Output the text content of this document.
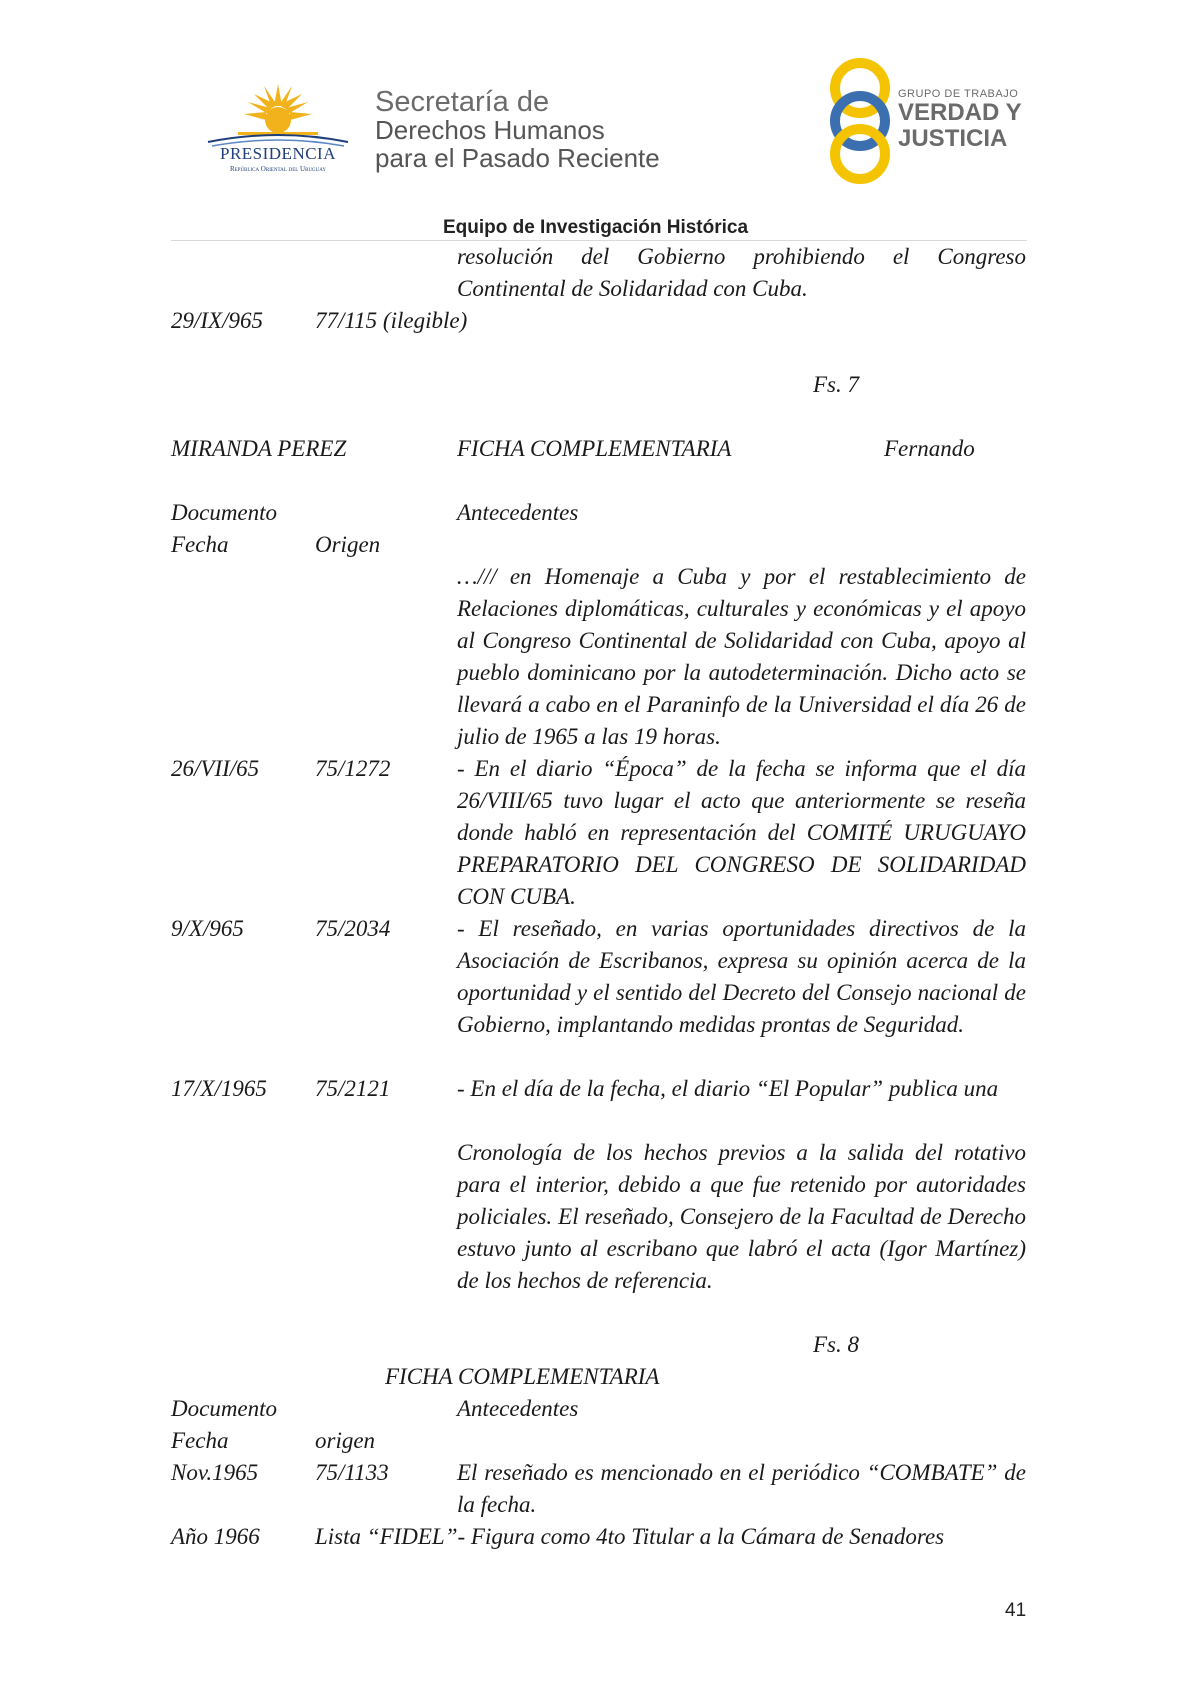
PRESIDENCIA
República Oriental del Uruguay
Secretaría de
Derechos Humanos
para el Pasado Reciente
GRUPO DE TRABAJO
VERDAD Y
JUSTICIA
Equipo de Investigación Histórica
resolución del Gobierno prohibiendo el Congreso
Continental de Solidaridad con Cuba.
29/IX/965 77/115 (ilegible)
Fs. 7
MIRANDA PEREZ	FICHA COMPLEMENTARIA	Fernando
Documento	Antecedentes
Fecha	Origen
…/// en Homenaje a Cuba y por el restablecimiento de Relaciones diplomáticas, culturales y económicas y el apoyo al Congreso Continental de Solidaridad con Cuba, apoyo al pueblo dominicano por la autodeterminación. Dicho acto se llevará a cabo en el Paraninfo de la Universidad el día 26 de julio de 1965 a las 19 horas.
26/VII/65 75/1272	- En el diario “Época” de la fecha se informa que el día 26/VIII/65 tuvo lugar el acto que anteriormente se reseña donde habló en representación del COMITÉ URUGUAYO PREPARATORIO DEL CONGRESO DE SOLIDARIDAD CON CUBA.
9/X/965	75/2034	- El reseñado, en varias oportunidades directivos de la Asociación de Escribanos, expresa su opinión acerca de la oportunidad y el sentido del Decreto del Consejo nacional de Gobierno, implantando medidas prontas de Seguridad.
17/X/1965 75/2121	- En el día de la fecha, el diario “El Popular” publica una
Cronología de los hechos previos a la salida del rotativo para el interior, debido a que fue retenido por autoridades policiales. El reseñado, Consejero de la Facultad de Derecho estuvo junto al escribano que labró el acta (Igor Martínez) de los hechos de referencia.
Fs. 8
FICHA COMPLEMENTARIA
Documento	Antecedentes
Fecha	origen
Nov.1965 75/1133	El reseñado es mencionado en el periódico “COMBATE” de la fecha.
Año 1966 Lista “FIDEL”- Figura como 4to Titular a la Cámara de Senadores
41
